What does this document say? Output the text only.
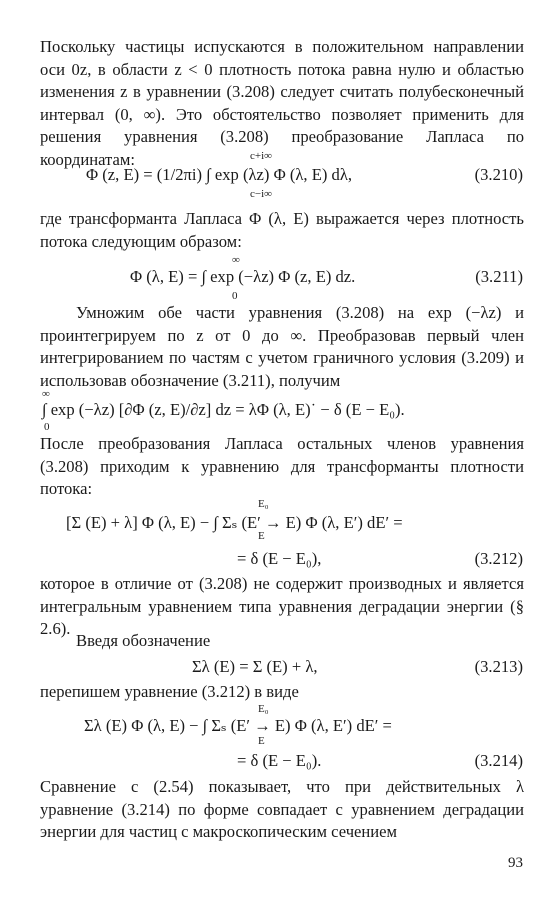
Поскольку частицы испускаются в положительном направлении оси 0z, в области z < 0 плотность потока равна нулю и областью изменения z в уравнении (3.208) следует считать полубесконечный интервал (0, ∞). Это обстоятельство позволяет применить для решения уравнения (3.208) преобразование Лапласа по координатам:	c+i∞
Φ (z, E) = (1/2πi) ∫ exp (λz) Φ (λ, E) dλ,
c−i∞
(3.210)
где трансформанта Лапласа Φ (λ, E) выражается через плотность потока следующим образом:
∞
Φ (λ, E) = ∫ exp (−λz) Φ (z, E) dz.
0
(3.211)
Умножим обе части уравнения (3.208) на exp (−λz) и проинтегрируем по z от 0 до ∞. Преобразовав первый член интегрированием по частям с учетом граничного условия (3.209) и использовав обозначение (3.211), получим
∞
∫ exp (−λz) [∂Φ (z, E)/∂z] dz = λΦ (λ, E)˙ − δ (E − E₀).
0
После преобразования Лапласа остальных членов уравнения (3.208) приходим к уравнению для трансформанты плотности потока:
E₀
[Σ (E) + λ] Φ (λ, E) − ∫ Σₛ (E′ → E) Φ (λ, E′) dE′ =
E
= δ (E − E₀),	(3.212)
которое в отличие от (3.208) не содержит производных и является интегральным уравнением типа уравнения деградации энергии (§ 2.6).
Введя обозначение
Σλ (E) = Σ (E) + λ,	(3.213)
перепишем уравнение (3.212) в виде
E₀
Σλ (E) Φ (λ, E) − ∫ Σₛ (E′ → E) Φ (λ, E′) dE′ =
E
= δ (E − E₀).	(3.214)
Сравнение с (2.54) показывает, что при действительных λ уравнение (3.214) по форме совпадает с уравнением деградации энергии для частиц с макроскопическим сечением
93
